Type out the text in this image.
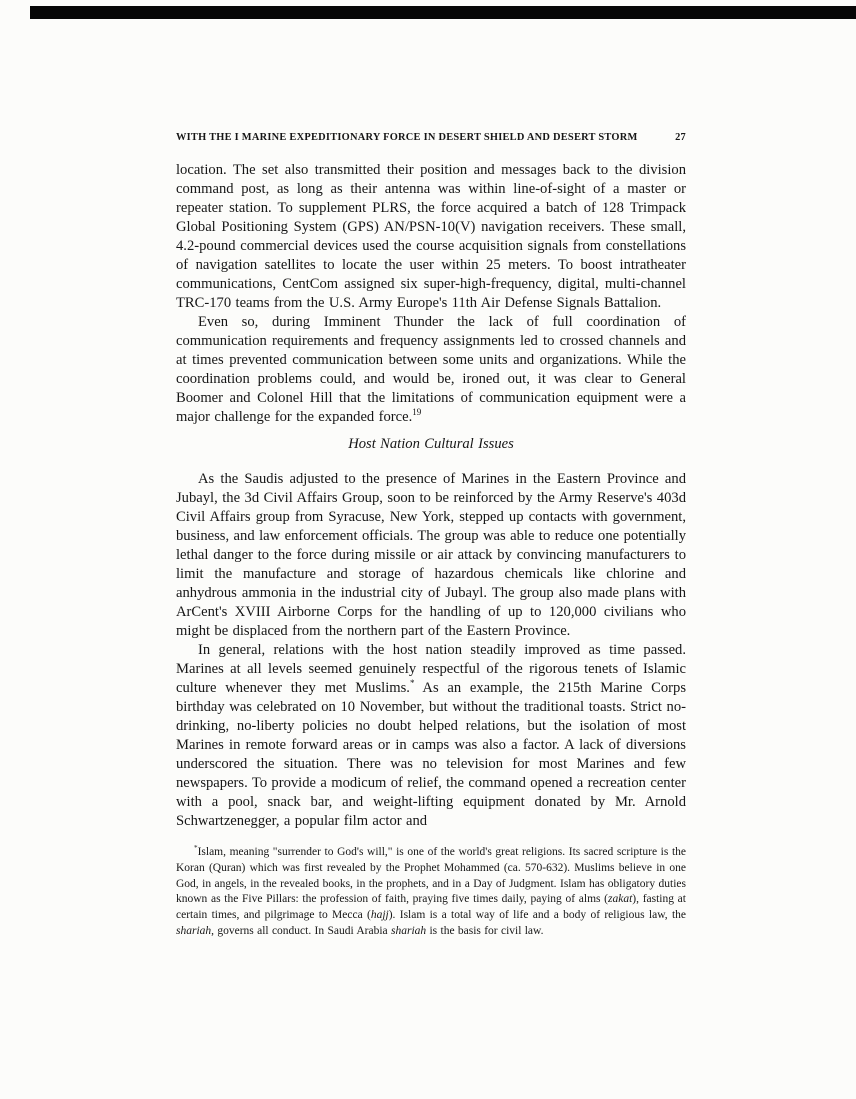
WITH THE I MARINE EXPEDITIONARY FORCE IN DESERT SHIELD AND DESERT STORM	27

location. The set also transmitted their position and messages back to the division command post, as long as their antenna was within line-of-sight of a master or repeater station. To supplement PLRS, the force acquired a batch of 128 Trimpack Global Positioning System (GPS) AN/PSN-10(V) navigation receivers. These small, 4.2-pound commercial devices used the course acquisition signals from constellations of navigation satellites to locate the user within 25 meters. To boost intratheater communications, CentCom assigned six super-high-frequency, digital, multi-channel TRC-170 teams from the U.S. Army Europe's 11th Air Defense Signals Battalion.

Even so, during Imminent Thunder the lack of full coordination of communication requirements and frequency assignments led to crossed channels and at times prevented communication between some units and organizations. While the coordination problems could, and would be, ironed out, it was clear to General Boomer and Colonel Hill that the limitations of communication equipment were a major challenge for the expanded force.$^{19}$

Host Nation Cultural Issues

As the Saudis adjusted to the presence of Marines in the Eastern Province and Jubayl, the 3d Civil Affairs Group, soon to be reinforced by the Army Reserve's 403d Civil Affairs group from Syracuse, New York, stepped up contacts with government, business, and law enforcement officials. The group was able to reduce one potentially lethal danger to the force during missile or air attack by convincing manufacturers to limit the manufacture and storage of hazardous chemicals like chlorine and anhydrous ammonia in the industrial city of Jubayl. The group also made plans with ArCent's XVIII Airborne Corps for the handling of up to 120,000 civilians who might be displaced from the northern part of the Eastern Province.

In general, relations with the host nation steadily improved as time passed. Marines at all levels seemed genuinely respectful of the rigorous tenets of Islamic culture whenever they met Muslims.* As an example, the 215th Marine Corps birthday was celebrated on 10 November, but without the traditional toasts. Strict no-drinking, no-liberty policies no doubt helped relations, but the isolation of most Marines in remote forward areas or in camps was also a factor. A lack of diversions underscored the situation. There was no television for most Marines and few newspapers. To provide a modicum of relief, the command opened a recreation center with a pool, snack bar, and weight-lifting equipment donated by Mr. Arnold Schwartzenegger, a popular film actor and

*Islam, meaning "surrender to God's will," is one of the world's great religions. Its sacred scripture is the Koran (Quran) which was first revealed by the Prophet Mohammed (ca. 570-632). Muslims believe in one God, in angels, in the revealed books, in the prophets, and in a Day of Judgment. Islam has obligatory duties known as the Five Pillars: the profession of faith, praying five times daily, paying of alms (zakat), fasting at certain times, and pilgrimage to Mecca (hajj). Islam is a total way of life and a body of religious law, the shariah, governs all conduct. In Saudi Arabia shariah is the basis for civil law.
